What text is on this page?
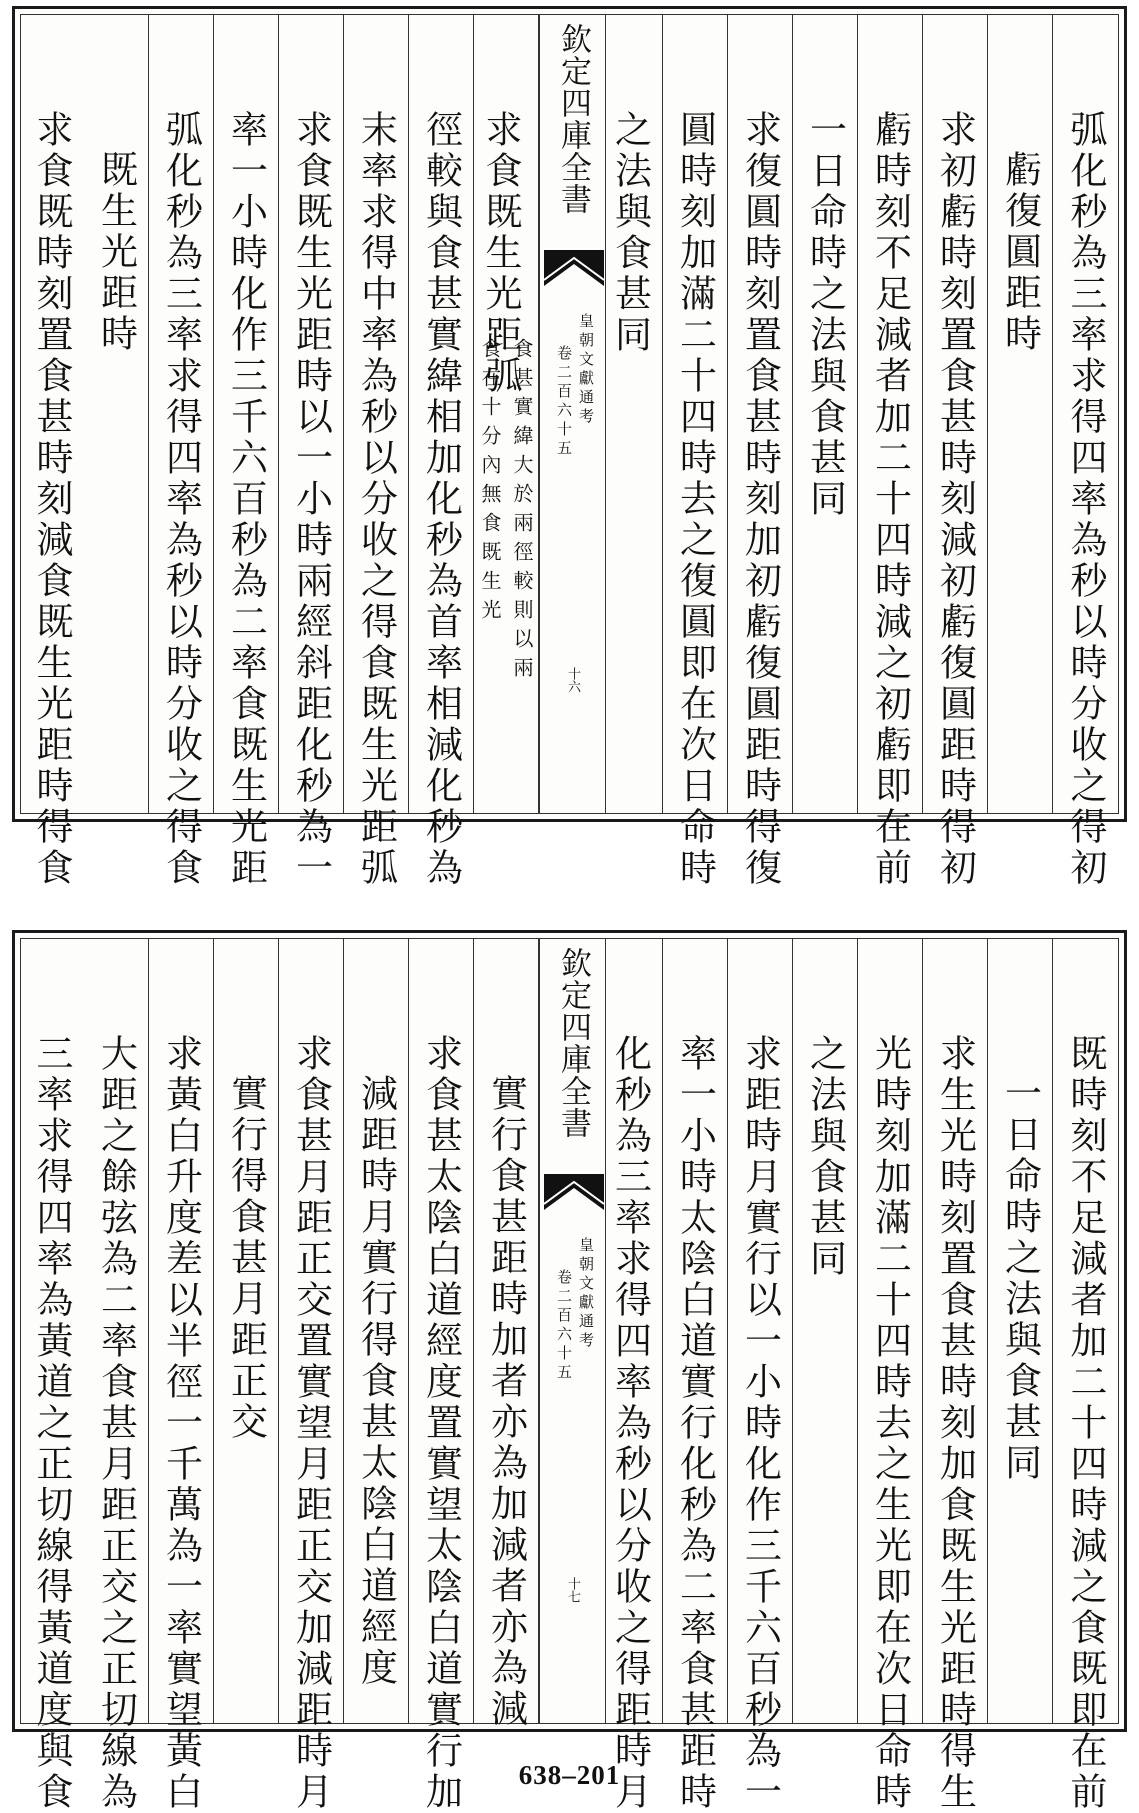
弧化秒為三率求得四率為秒以時分收之得初
虧復圓距時
求初虧時刻置食甚時刻減初虧復圓距時得初
虧時刻不足減者加二十四時減之初虧即在前
一日命時之法與食甚同
求復圓時刻置食甚時刻加初虧復圓距時得復
圓時刻加滿二十四時去之復圓即在次日命時
之法與食甚同
欽定四庫全書
皇朝文獻通考
卷二百六十五
十六
求食既生光距弧
食甚實緯大於兩徑較則以兩
食在十分內無食既生光
徑較與食甚實緯相加化秒為首率相減化秒為
末率求得中率為秒以分收之得食既生光距弧
求食既生光距時以一小時兩經斜距化秒為一
率一小時化作三千六百秒為二率食既生光距
弧化秒為三率求得四率為秒以時分收之得食
既生光距時
求食既時刻置食甚時刻減食既生光距時得食
既時刻不足減者加二十四時減之食既即在前
一日命時之法與食甚同
求生光時刻置食甚時刻加食既生光距時得生
光時刻加滿二十四時去之生光即在次日命時
之法與食甚同
求距時月實行以一小時化作三千六百秒為一
率一小時太陰白道實行化秒為二率食甚距時
化秒為三率求得四率為秒以分收之得距時月
欽定四庫全書
皇朝文獻通考
卷二百六十五
十七
實行食甚距時加者亦為加減者亦為減
求食甚太陰白道經度置實望太陰白道實行加
減距時月實行得食甚太陰白道經度
求食甚月距正交置實望月距正交加減距時月
實行得食甚月距正交
求黃白升度差以半徑一千萬為一率實望黃白
大距之餘弦為二率食甚月距正交之正切線為
三率求得四率為黃道之正切線得黃道度與食	638–201
